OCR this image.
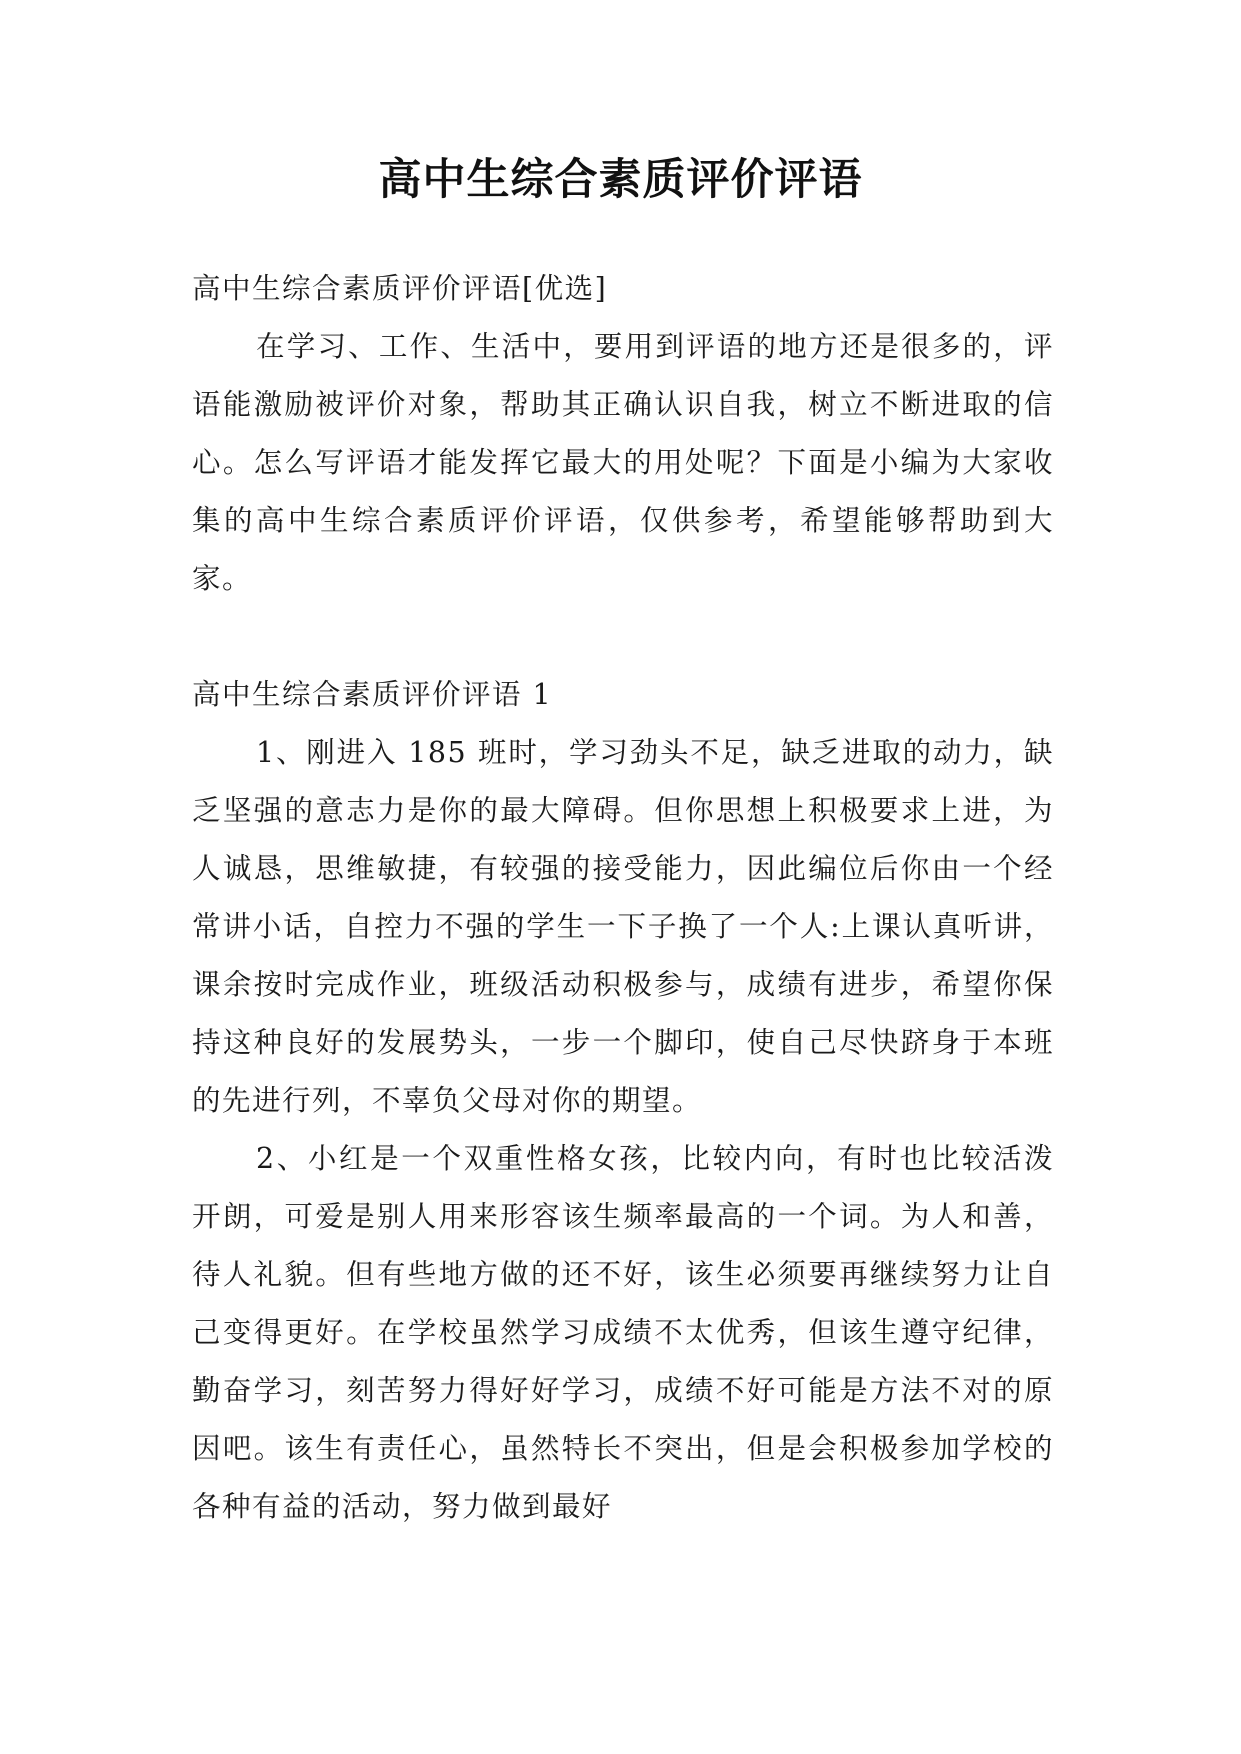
高中生综合素质评价评语

高中生综合素质评价评语[优选]

在学习、工作、生活中，要用到评语的地方还是很多的，评语能激励被评价对象，帮助其正确认识自我，树立不断进取的信心。怎么写评语才能发挥它最大的用处呢？下面是小编为大家收集的高中生综合素质评价评语，仅供参考，希望能够帮助到大家。

高中生综合素质评价评语 1

1、刚进入 185 班时，学习劲头不足，缺乏进取的动力，缺乏坚强的意志力是你的最大障碍。但你思想上积极要求上进，为人诚恳，思维敏捷，有较强的接受能力，因此编位后你由一个经常讲小话，自控力不强的学生一下子换了一个人:上课认真听讲，课余按时完成作业，班级活动积极参与，成绩有进步，希望你保持这种良好的发展势头，一步一个脚印，使自己尽快跻身于本班的先进行列，不辜负父母对你的期望。

2、小红是一个双重性格女孩，比较内向，有时也比较活泼开朗，可爱是别人用来形容该生频率最高的一个词。为人和善，待人礼貌。但有些地方做的还不好，该生必须要再继续努力让自己变得更好。在学校虽然学习成绩不太优秀，但该生遵守纪律，勤奋学习，刻苦努力得好好学习，成绩不好可能是方法不对的原因吧。该生有责任心，虽然特长不突出，但是会积极参加学校的各种有益的活动，努力做到最好
